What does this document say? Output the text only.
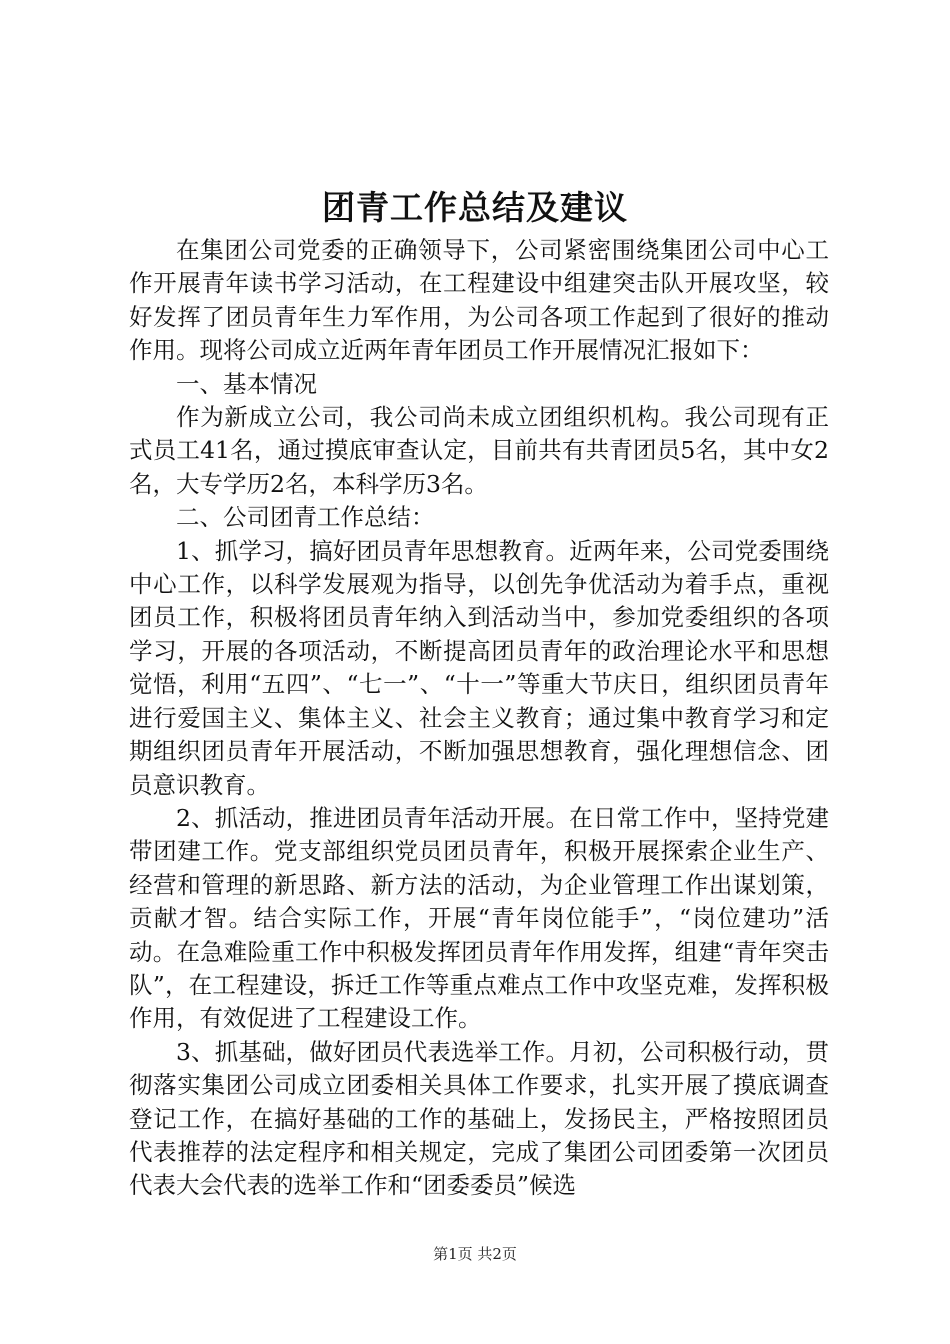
团青工作总结及建议

在集团公司党委的正确领导下，公司紧密围绕集团公司中心工作开展青年读书学习活动，在工程建设中组建突击队开展攻坚，较好发挥了团员青年生力军作用，为公司各项工作起到了很好的推动作用。现将公司成立近两年青年团员工作开展情况汇报如下：

一、基本情况

作为新成立公司，我公司尚未成立团组织机构。我公司现有正式员工41名，通过摸底审查认定，目前共有共青团员5名，其中女2名，大专学历2名，本科学历3名。

二、公司团青工作总结：

1、抓学习，搞好团员青年思想教育。近两年来，公司党委围绕中心工作，以科学发展观为指导，以创先争优活动为着手点，重视团员工作，积极将团员青年纳入到活动当中，参加党委组织的各项学习，开展的各项活动，不断提高团员青年的政治理论水平和思想觉悟，利用“五四”、“七一”、“十一”等重大节庆日，组织团员青年进行爱国主义、集体主义、社会主义教育；通过集中教育学习和定期组织团员青年开展活动，不断加强思想教育，强化理想信念、团员意识教育。

2、抓活动，推进团员青年活动开展。在日常工作中，坚持党建带团建工作。党支部组织党员团员青年，积极开展探索企业生产、经营和管理的新思路、新方法的活动，为企业管理工作出谋划策，贡献才智。结合实际工作，开展“青年岗位能手”，“岗位建功”活动。在急难险重工作中积极发挥团员青年作用发挥，组建“青年突击队”，在工程建设，拆迁工作等重点难点工作中攻坚克难，发挥积极作用，有效促进了工程建设工作。

3、抓基础，做好团员代表选举工作。月初，公司积极行动，贯彻落实集团公司成立团委相关具体工作要求，扎实开展了摸底调查登记工作，在搞好基础的工作的基础上，发扬民主，严格按照团员代表推荐的法定程序和相关规定，完成了集团公司团委第一次团员代表大会代表的选举工作和“团委委员”候选

第1页 共2页
